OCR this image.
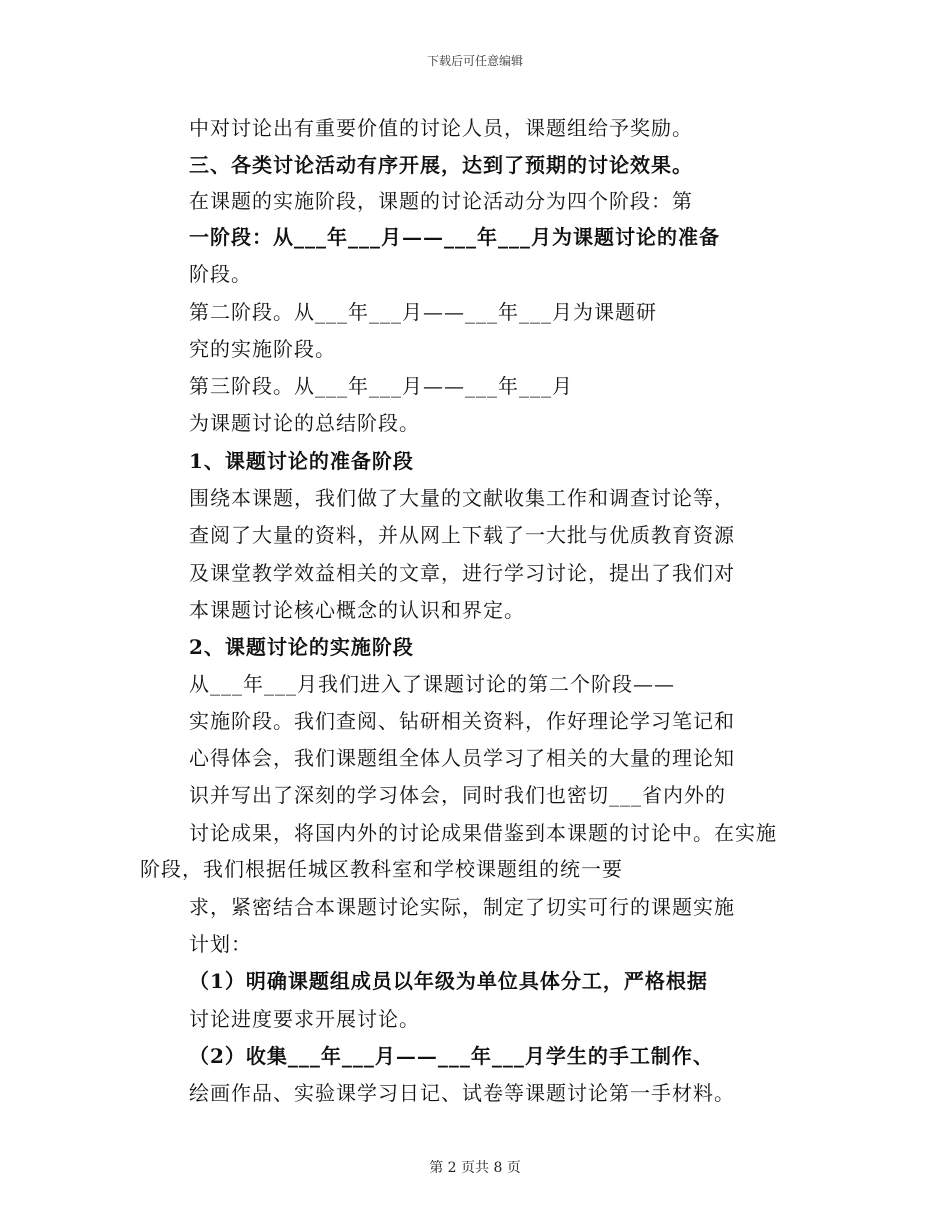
下载后可任意编辑
中对讨论出有重要价值的讨论人员，课题组给予奖励。
三、各类讨论活动有序开展，达到了预期的讨论效果。
在课题的实施阶段，课题的讨论活动分为四个阶段：第
一阶段：从___年___月——___年___月为课题讨论的准备
阶段。
第二阶段。从___年___月——___年___月为课题研
究的实施阶段。
第三阶段。从___年___月——___年___月
为课题讨论的总结阶段。
1、课题讨论的准备阶段
围绕本课题，我们做了大量的文献收集工作和调查讨论等，
查阅了大量的资料，并从网上下载了一大批与优质教育资源
及课堂教学效益相关的文章，进行学习讨论，提出了我们对
本课题讨论核心概念的认识和界定。
2、课题讨论的实施阶段
从___年___月我们进入了课题讨论的第二个阶段——
实施阶段。我们查阅、钻研相关资料，作好理论学习笔记和
心得体会，我们课题组全体人员学习了相关的大量的理论知
识并写出了深刻的学习体会，同时我们也密切___省内外的
讨论成果，将国内外的讨论成果借鉴到本课题的讨论中。在实施
阶段，我们根据任城区教科室和学校课题组的统一要
求，紧密结合本课题讨论实际，制定了切实可行的课题实施
计划：
（1）明确课题组成员以年级为单位具体分工，严格根据
讨论进度要求开展讨论。
（2）收集___年___月——___年___月学生的手工制作、
绘画作品、实验课学习日记、试卷等课题讨论第一手材料。
第 2 页共 8 页
